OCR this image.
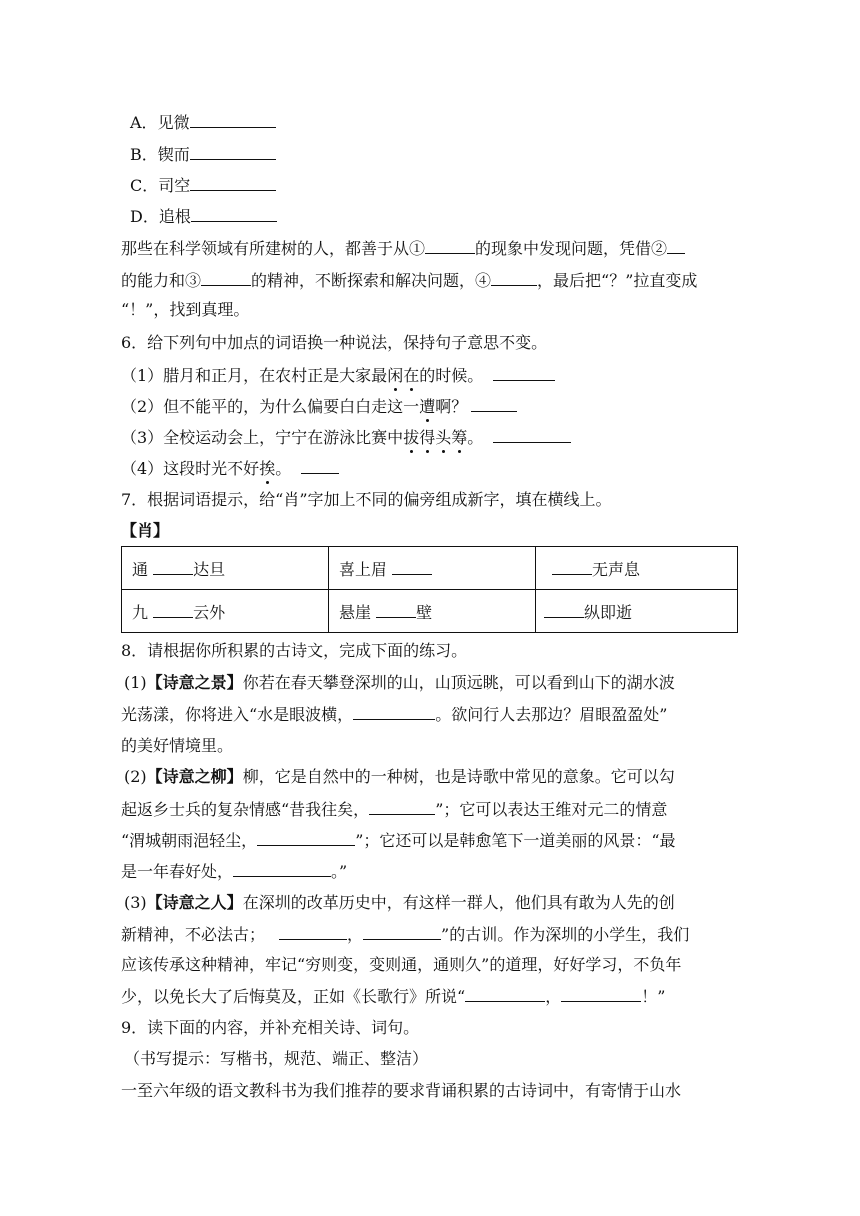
A．见微
B．锲而
C．司空
D．追根
那些在科学领域有所建树的人，都善于从①	的现象中发现问题，凭借②
的能力和③	的精神，不断探索和解决问题，④	，最后把“？”拉直变成
“！”，找到真理。
6．给下列句中加点的词语换一种说法，保持句子意思不变。
（1）腊月和正月，在农村正是大家最闲在的时候。
（2）但不能平的，为什么偏要白白走这一遭啊？
（3）全校运动会上，宁宁在游泳比赛中拔得头筹。
（4）这段时光不好挨。
7．根据词语提示，给“肖”字加上不同的偏旁组成新字，填在横线上。
【肖】
通 达旦	喜上眉	无声息
九 云外	悬崖 壁	纵即逝
8．请根据你所积累的古诗文，完成下面的练习。
(1)【诗意之景】你若在春天攀登深圳的山，山顶远眺，可以看到山下的湖水波
光荡漾，你将进入“水是眼波横，	。欲问行人去那边？眉眼盈盈处”
的美好情境里。
(2)【诗意之柳】柳，它是自然中的一种树，也是诗歌中常见的意象。它可以勾
起返乡士兵的复杂情感“昔我往矣，	”；它可以表达王维对元二的情意
“渭城朝雨浥轻尘，	”；它还可以是韩愈笔下一道美丽的风景：“最
是一年春好处，	。”
(3)【诗意之人】在深圳的改革历史中，有这样一群人，他们具有敢为人先的创
新精神，不必法古；	，	”的古训。作为深圳的小学生，我们
应该传承这种精神，牢记“穷则变，变则通，通则久”的道理，好好学习，不负年
少，以免长大了后悔莫及，正如《长歌行》所说“	，	！”
9．读下面的内容，并补充相关诗、词句。
（书写提示：写楷书，规范、端正、整洁）
一至六年级的语文教科书为我们推荐的要求背诵积累的古诗词中，有寄情于山水
